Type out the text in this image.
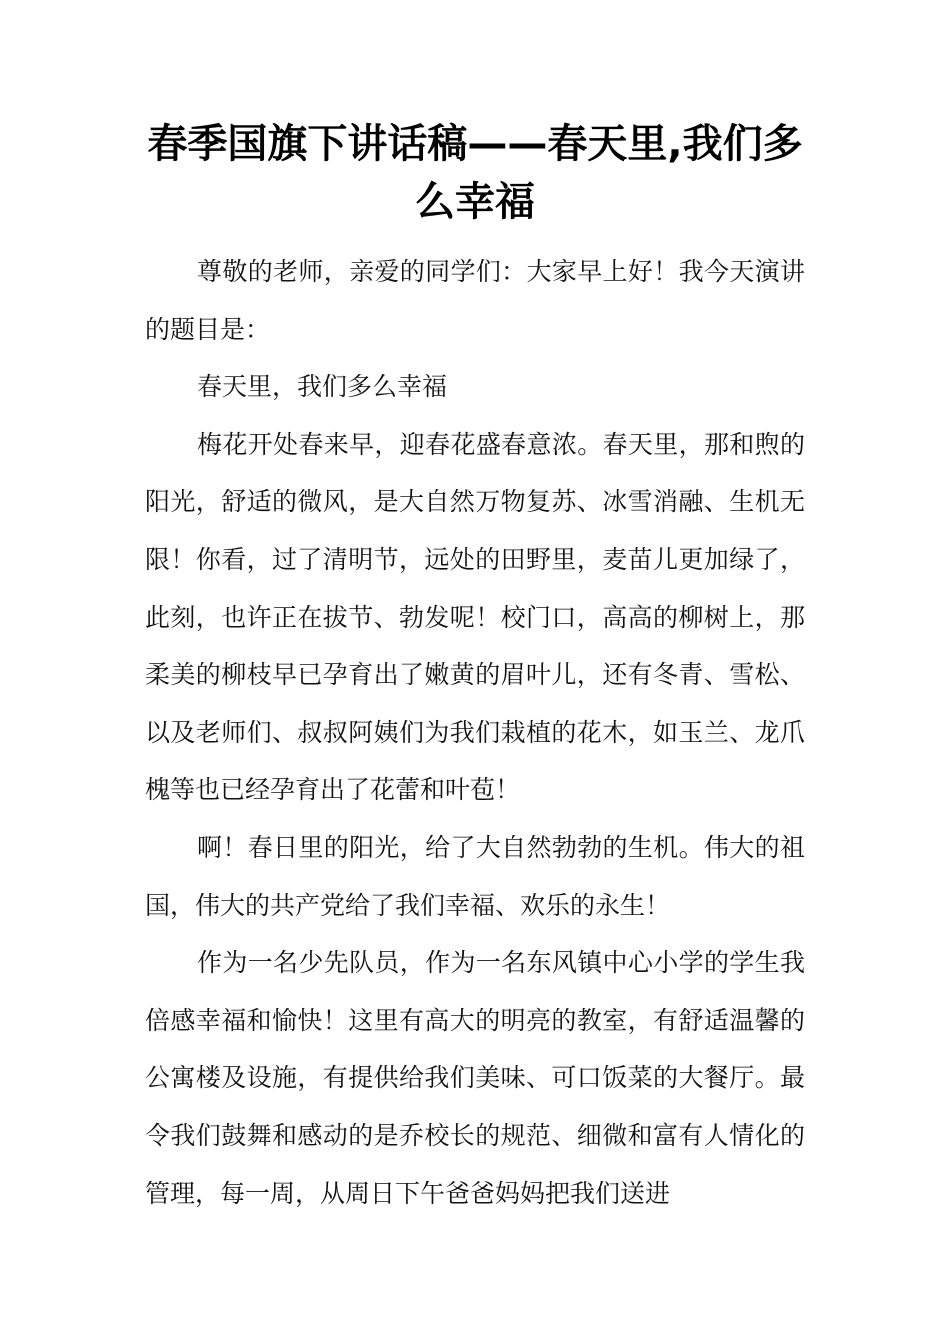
春季国旗下讲话稿——春天里,我们多么幸福

尊敬的老师，亲爱的同学们：大家早上好！我今天演讲的题目是：

春天里，我们多么幸福

梅花开处春来早，迎春花盛春意浓。春天里，那和煦的阳光，舒适的微风，是大自然万物复苏、冰雪消融、生机无限！你看，过了清明节，远处的田野里，麦苗儿更加绿了，此刻，也许正在拔节、勃发呢！校门口，高高的柳树上，那柔美的柳枝早已孕育出了嫩黄的眉叶儿，还有冬青、雪松、以及老师们、叔叔阿姨们为我们栽植的花木，如玉兰、龙爪槐等也已经孕育出了花蕾和叶苞！

啊！春日里的阳光，给了大自然勃勃的生机。伟大的祖国，伟大的共产党给了我们幸福、欢乐的永生！

作为一名少先队员，作为一名东风镇中心小学的学生我倍感幸福和愉快！这里有高大的明亮的教室，有舒适温馨的公寓楼及设施，有提供给我们美味、可口饭菜的大餐厅。最令我们鼓舞和感动的是乔校长的规范、细微和富有人情化的管理，每一周，从周日下午爸爸妈妈把我们送进
